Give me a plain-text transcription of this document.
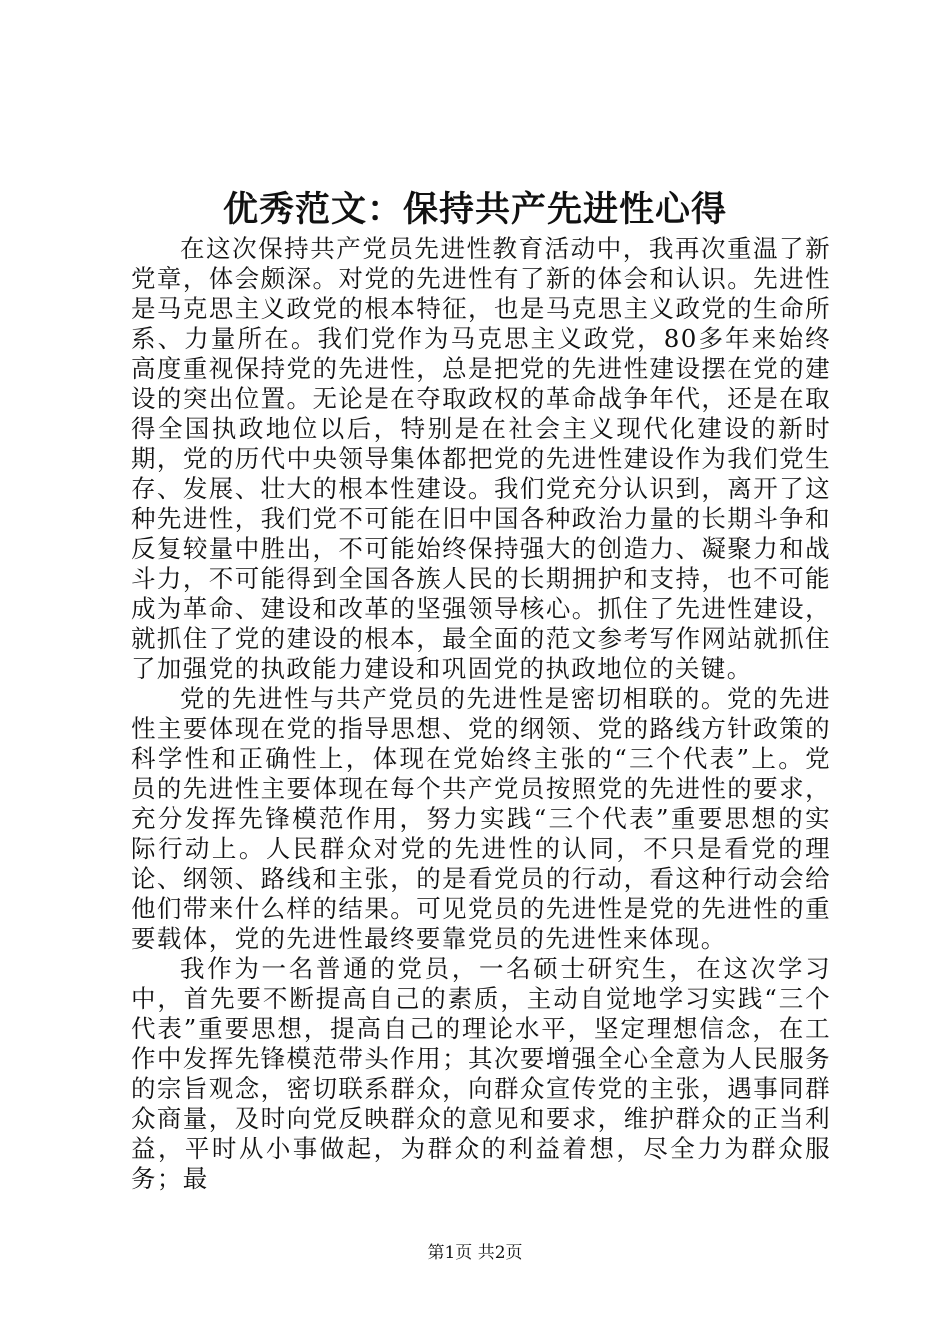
优秀范文：保持共产先进性心得

在这次保持共产党员先进性教育活动中，我再次重温了新党章，体会颇深。对党的先进性有了新的体会和认识。先进性是马克思主义政党的根本特征，也是马克思主义政党的生命所系、力量所在。我们党作为马克思主义政党，80多年来始终高度重视保持党的先进性，总是把党的先进性建设摆在党的建设的突出位置。无论是在夺取政权的革命战争年代，还是在取得全国执政地位以后，特别是在社会主义现代化建设的新时期，党的历代中央领导集体都把党的先进性建设作为我们党生存、发展、壮大的根本性建设。我们党充分认识到，离开了这种先进性，我们党不可能在旧中国各种政治力量的长期斗争和反复较量中胜出，不可能始终保持强大的创造力、凝聚力和战斗力，不可能得到全国各族人民的长期拥护和支持，也不可能成为革命、建设和改革的坚强领导核心。抓住了先进性建设，就抓住了党的建设的根本，最全面的范文参考写作网站就抓住了加强党的执政能力建设和巩固党的执政地位的关键。

党的先进性与共产党员的先进性是密切相联的。党的先进性主要体现在党的指导思想、党的纲领、党的路线方针政策的科学性和正确性上，体现在党始终主张的“三个代表”上。党员的先进性主要体现在每个共产党员按照党的先进性的要求，充分发挥先锋模范作用，努力实践“三个代表”重要思想的实际行动上。人民群众对党的先进性的认同，不只是看党的理论、纲领、路线和主张，的是看党员的行动，看这种行动会给他们带来什么样的结果。可见党员的先进性是党的先进性的重要载体，党的先进性最终要靠党员的先进性来体现。

我作为一名普通的党员，一名硕士研究生，在这次学习中，首先要不断提高自己的素质，主动自觉地学习实践“三个代表”重要思想，提高自己的理论水平，坚定理想信念，在工作中发挥先锋模范带头作用；其次要增强全心全意为人民服务的宗旨观念，密切联系群众，向群众宣传党的主张，遇事同群众商量，及时向党反映群众的意见和要求，维护群众的正当利益，平时从小事做起，为群众的利益着想，尽全力为群众服务；最

第1页 共2页
